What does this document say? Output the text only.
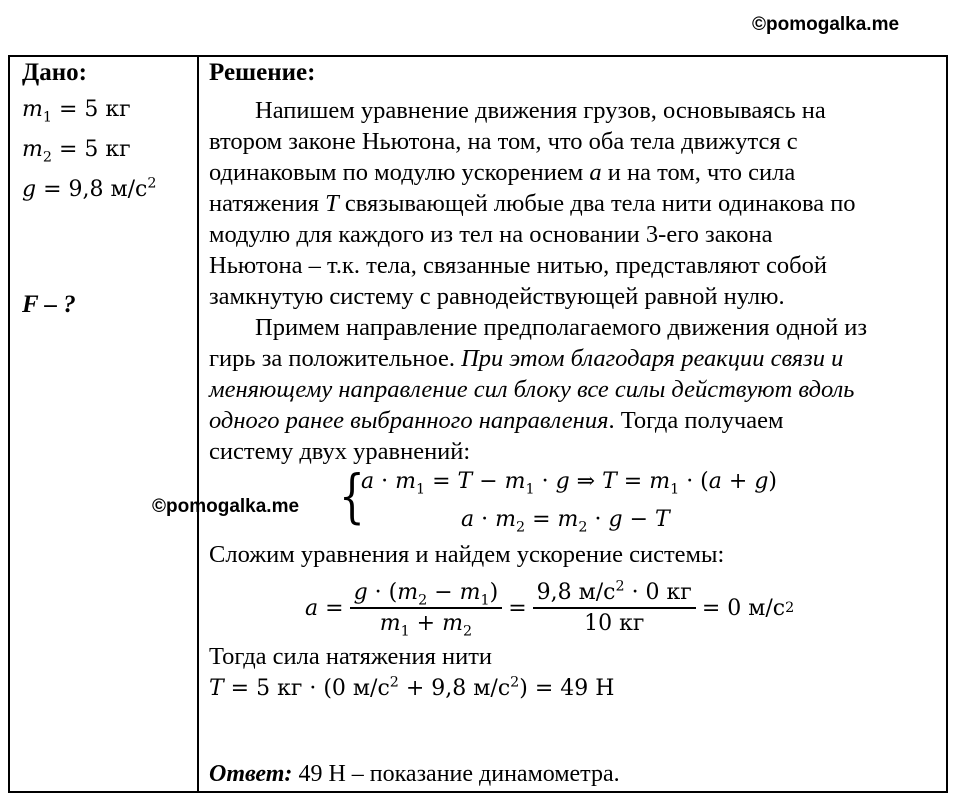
©pomogalka.me
Дано:
$m_1 = 5$ кг
$m_2 = 5$ кг
g = 9,8 $м/с^2$
F – ?

Решение:
Напишем уравнение движения грузов, основываясь на
втором законе Ньютона, на том, что оба тела движутся с
одинаковым по модулю ускорением a и на том, что сила
натяжения T связывающей любые два тела нити одинакова по
модулю для каждого из тел на основании 3-его закона
Ньютона – т.к. тела, связанные нитью, представляют собой
замкнутую систему с равнодействующей равной нулю.
Примем направление предполагаемого движения одной из
гирь за положительное. При этом благодаря реакции связи и
меняющему направление сил блоку все силы действуют вдоль
одного ранее выбранного направления. Тогда получаем
систему двух уравнений:
{
$a \cdot m_1 = T - m_1 \cdot g$ ⇒ $T = m_1 \cdot (a + g)$
$a \cdot m_2 = m_2 \cdot g - T$
Сложим уравнения и найдем ускорение системы:
$a = \frac{g \cdot (m_2 - m_1)}{m_1 + m_2} = \frac{9,8 м/с^2 \cdot 0 кг}{10 кг} = 0$ м/с 2
Тогда сила натяжения нити
T = 5 кг · (0 $м/с^2 + 9,8$ $м/с^2) = 49$ Н
Ответ: 49 Н – показание динамометра.
©pomogalka.me
